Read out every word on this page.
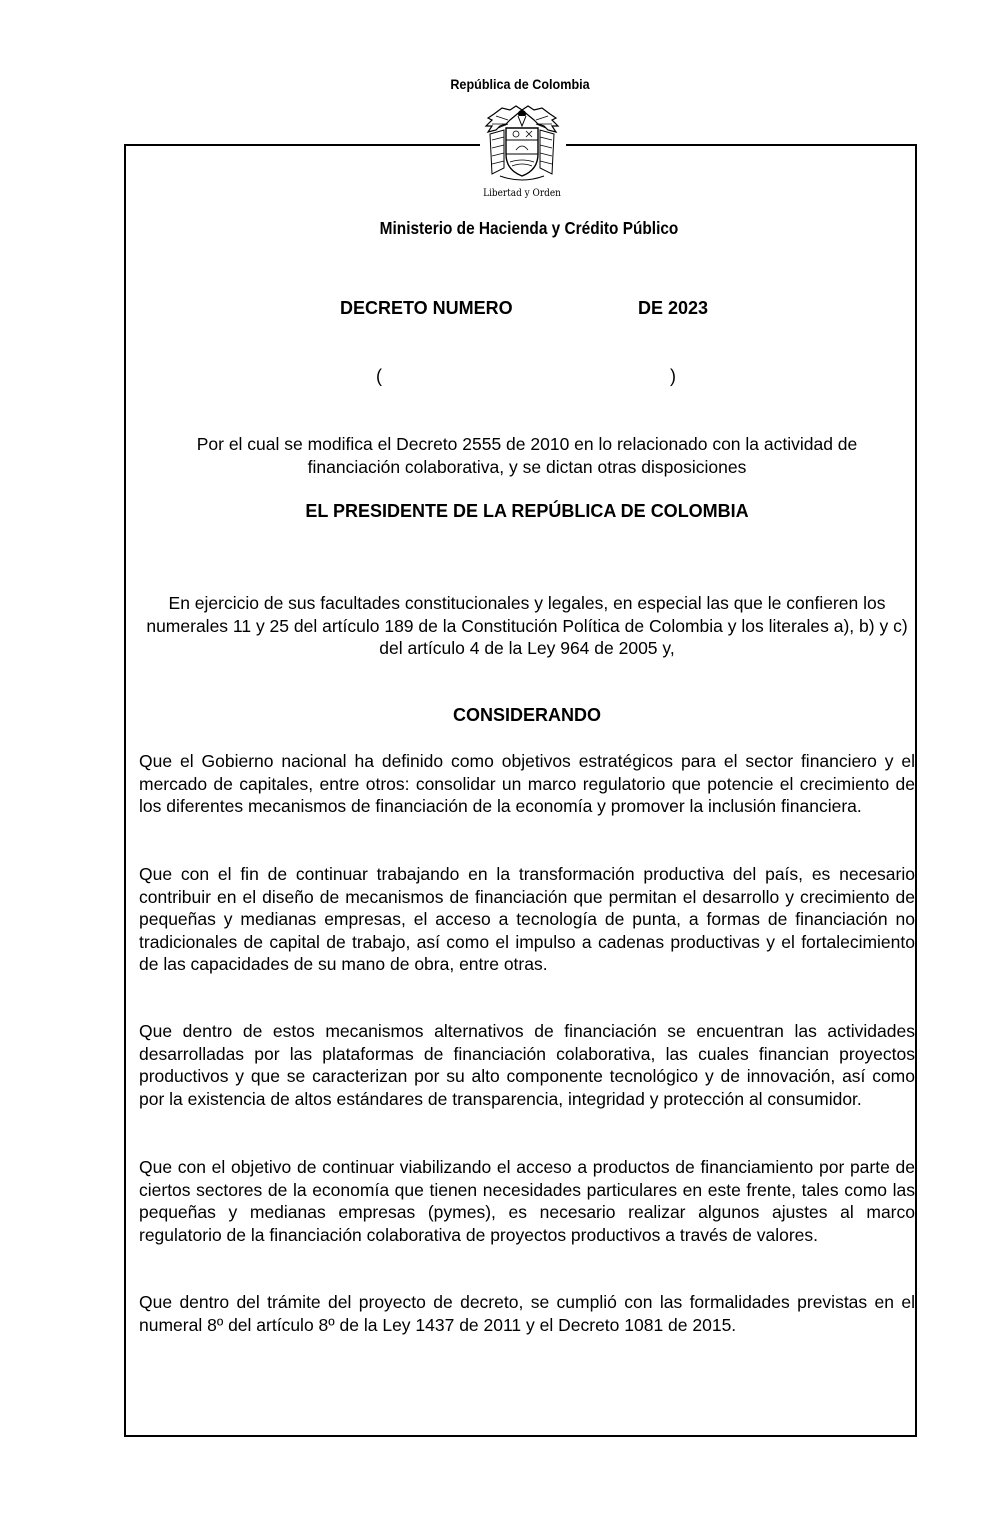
República de Colombia
Libertad y Orden
Ministerio de Hacienda y Crédito Público
DECRETO NUMERO	DE 2023
(	)
Por el cual se modifica el Decreto 2555 de 2010 en lo relacionado con la actividad de financiación colaborativa, y se dictan otras disposiciones
EL PRESIDENTE DE LA REPÚBLICA DE COLOMBIA
En ejercicio de sus facultades constitucionales y legales, en especial las que le confieren los numerales 11 y 25 del artículo 189 de la Constitución Política de Colombia y los literales a), b) y c) del artículo 4 de la Ley 964 de 2005 y,
CONSIDERANDO
Que el Gobierno nacional ha definido como objetivos estratégicos para el sector financiero y el mercado de capitales, entre otros: consolidar un marco regulatorio que potencie el crecimiento de los diferentes mecanismos de financiación de la economía y promover la inclusión financiera.
Que con el fin de continuar trabajando en la transformación productiva del país, es necesario contribuir en el diseño de mecanismos de financiación que permitan el desarrollo y crecimiento de pequeñas y medianas empresas, el acceso a tecnología de punta, a formas de financiación no tradicionales de capital de trabajo, así como el impulso a cadenas productivas y el fortalecimiento de las capacidades de su mano de obra, entre otras.
Que dentro de estos mecanismos alternativos de financiación se encuentran las actividades desarrolladas por las plataformas de financiación colaborativa, las cuales financian proyectos productivos y que se caracterizan por su alto componente tecnológico y de innovación, así como por la existencia de altos estándares de transparencia, integridad y protección al consumidor.
Que con el objetivo de continuar viabilizando el acceso a productos de financiamiento por parte de ciertos sectores de la economía que tienen necesidades particulares en este frente, tales como las pequeñas y medianas empresas (pymes), es necesario realizar algunos ajustes al marco regulatorio de la financiación colaborativa de proyectos productivos a través de valores.
Que dentro del trámite del proyecto de decreto, se cumplió con las formalidades previstas en el numeral 8º del artículo 8º de la Ley 1437 de 2011 y el Decreto 1081 de 2015.
